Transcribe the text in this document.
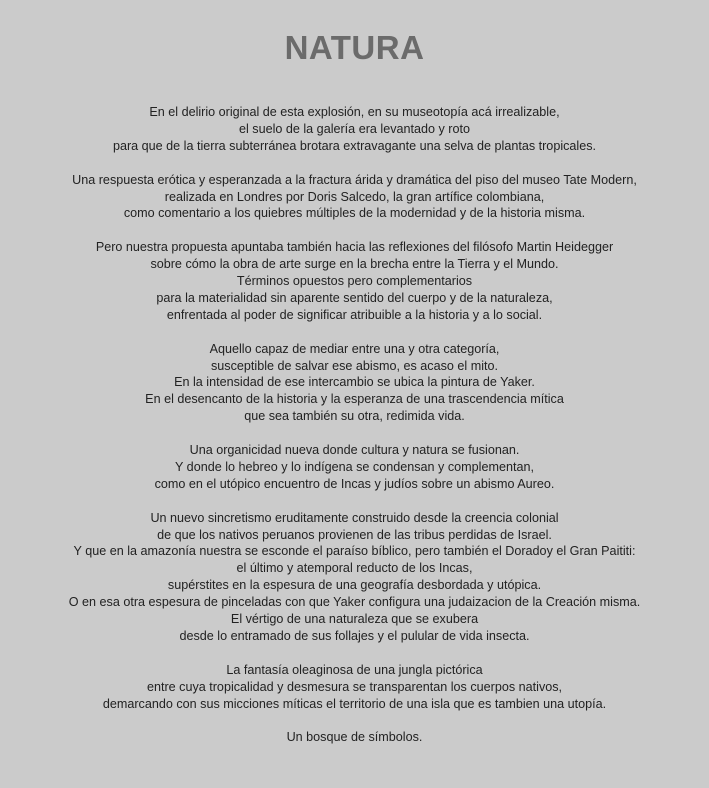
NATURA

En el delirio original de esta explosión, en su museotopía acá irrealizable,
el suelo de la galería era levantado y roto
para que de la tierra subterránea brotara extravagante una selva de plantas tropicales.

Una respuesta erótica y esperanzada a la fractura árida y dramática del piso del museo Tate Modern,
realizada en Londres por Doris Salcedo, la gran artífice colombiana,
como comentario a los quiebres múltiples de la modernidad y de la historia misma.

Pero nuestra propuesta apuntaba también hacia las reflexiones del filósofo Martin Heidegger
sobre cómo la obra de arte surge en la brecha entre la Tierra y el Mundo.
Términos opuestos pero complementarios
para la materialidad sin aparente sentido del cuerpo y de la naturaleza,
enfrentada al poder de significar atribuible a la historia y a lo social.

Aquello capaz de mediar entre una y otra categoría,
susceptible de salvar ese abismo, es acaso el mito.
En la intensidad de ese intercambio se ubica la pintura de Yaker.
En el desencanto de la historia y la esperanza de una trascendencia mítica
que sea también su otra, redimida vida.

Una organicidad nueva donde cultura y natura se fusionan.
Y donde lo hebreo y lo indígena se condensan y complementan,
como en el utópico encuentro de Incas y judíos sobre un abismo Aureo.

Un nuevo sincretismo eruditamente construido desde la creencia colonial
de que los nativos peruanos provienen de las tribus perdidas de Israel.
Y que en la amazonía nuestra se esconde el paraíso bíblico, pero también el Doradoy el Gran Paititi:
el último y atemporal reducto de los Incas,
supérstites en la espesura de una geografía desbordada y utópica.
O en esa otra espesura de pinceladas con que Yaker configura una judaizacion de la Creación misma.
El vértigo de una naturaleza que se exubera
desde lo entramado de sus follajes y el pulular de vida insecta.

La fantasía oleaginosa de una jungla pictórica
entre cuya tropicalidad y desmesura se transparentan los cuerpos nativos,
demarcando con sus micciones míticas el territorio de una isla que es tambien una utopía.

Un bosque de símbolos.
